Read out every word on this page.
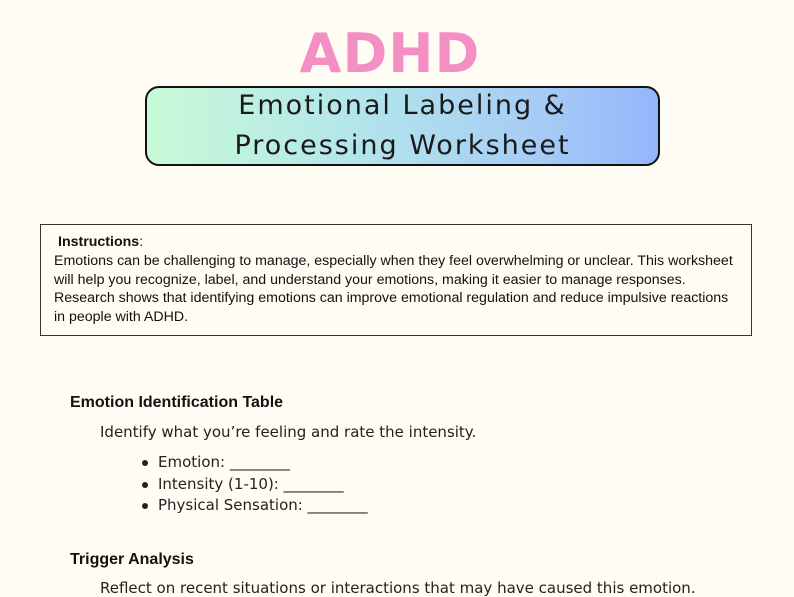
ADHD
Emotional Labeling &
Processing Worksheet
Instructions:
Emotions can be challenging to manage, especially when they feel overwhelming or unclear. This worksheet will help you recognize, label, and understand your emotions, making it easier to manage responses. Research shows that identifying emotions can improve emotional regulation and reduce impulsive reactions in people with ADHD.
Emotion Identification Table
Identify what you’re feeling and rate the intensity.
Emotion: ________
Intensity (1-10): ________
Physical Sensation: ________
Trigger Analysis
Reflect on recent situations or interactions that may have caused this emotion.
